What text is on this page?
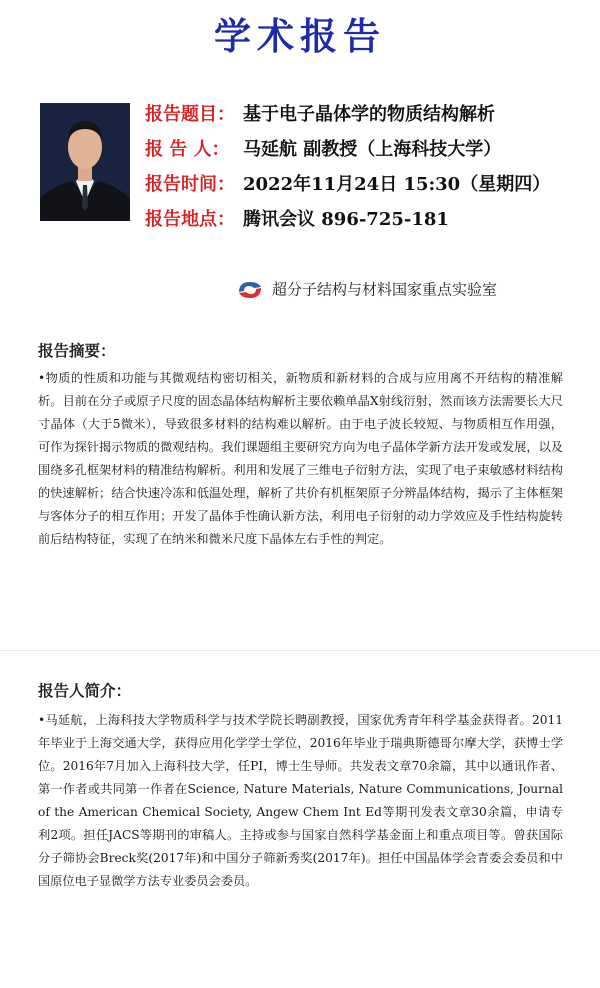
学术报告
报告题目： 基于电子晶体学的物质结构解析
报 告 人： 马延航 副教授（上海科技大学）
报告时间： 2022年11月24日 15:30（星期四）
报告地点： 腾讯会议 896-725-181
超分子结构与材料国家重点实验室
报告摘要：

•物质的性质和功能与其微观结构密切相关，新物质和新材料的合成与应用离不开结构的精准解析。目前在分子或原子尺度的固态晶体结构解析主要依赖单晶X射线衍射，然而该方法需要长大尺寸晶体（大于5微米），导致很多材料的结构难以解析。由于电子波长较短、与物质相互作用强，可作为探针揭示物质的微观结构。我们课题组主要研究方向为电子晶体学新方法开发或发展，以及围绕多孔框架材料的精准结构解析。利用和发展了三维电子衍射方法，实现了电子束敏感材料结构的快速解析；结合快速冷冻和低温处理，解析了共价有机框架原子分辨晶体结构，揭示了主体框架与客体分子的相互作用；开发了晶体手性确认新方法，利用电子衍射的动力学效应及手性结构旋转前后结构特征，实现了在纳米和微米尺度下晶体左右手性的判定。

报告人简介：

•马延航，上海科技大学物质科学与技术学院长聘副教授，国家优秀青年科学基金获得者。2011年毕业于上海交通大学，获得应用化学学士学位，2016年毕业于瑞典斯德哥尔摩大学，获博士学位。2016年7月加入上海科技大学，任PI，博士生导师。共发表文章70余篇，其中以通讯作者、第一作者或共同第一作者在Science, Nature Materials, Nature Communications, Journal of the American Chemical Society, Angew Chem Int Ed等期刊发表文章30余篇，申请专利2项。担任JACS等期刊的审稿人。主持或参与国家自然科学基金面上和重点项目等。曾获国际分子筛协会Breck奖(2017年)和中国分子筛新秀奖(2017年)。担任中国晶体学会青委会委员和中国原位电子显微学方法专业委员会委员。
